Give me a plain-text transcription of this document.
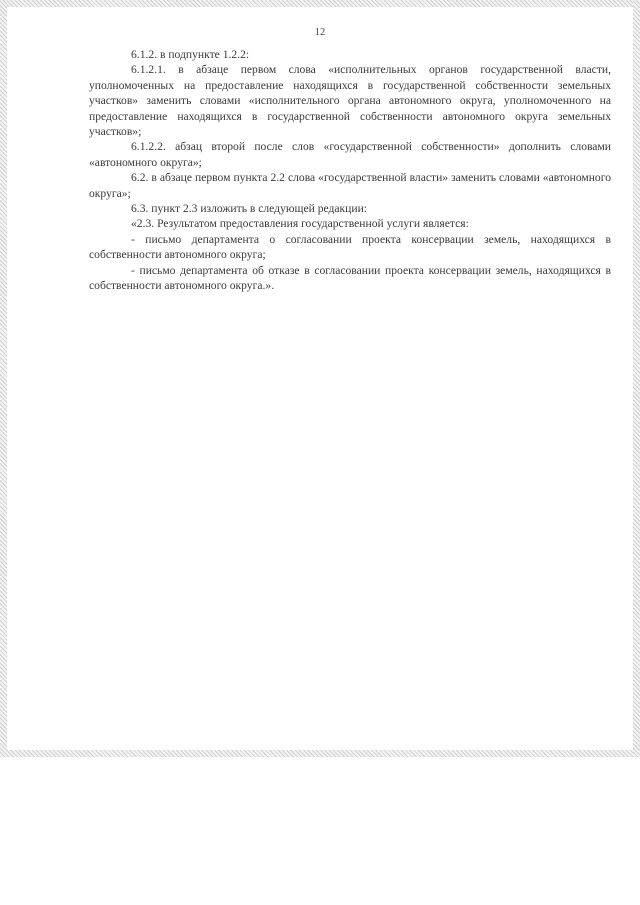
12

6.1.2. в подпункте 1.2.2:

6.1.2.1. в абзаце первом слова «исполнительных органов государственной власти, уполномоченных на предоставление находящихся в государственной собственности земельных участков» заменить словами «исполнительного органа автономного округа, уполномоченного на предоставление находящихся в государственной собственности автономного округа земельных участков»;

6.1.2.2. абзац второй после слов «государственной собственности» дополнить словами «автономного округа»;

6.2. в абзаце первом пункта 2.2 слова «государственной власти» заменить словами «автономного округа»;

6.3. пункт 2.3 изложить в следующей редакции:

«2.3. Результатом предоставления государственной услуги является:

- письмо департамента о согласовании проекта консервации земель, находящихся в собственности автономного округа;

- письмо департамента об отказе в согласовании проекта консервации земель, находящихся в собственности автономного округа.».
